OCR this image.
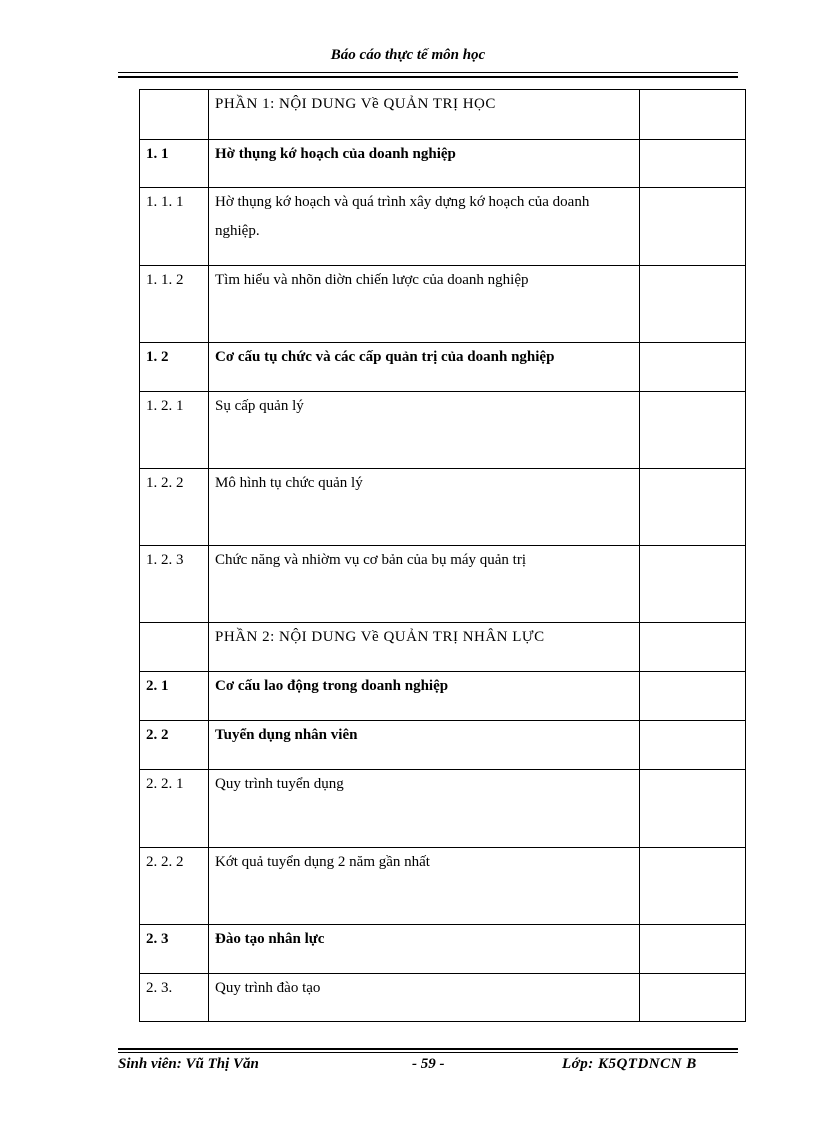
Báo cáo thực tế môn học
	PHẦN 1: NỘI DUNG Về QUẢN TRỊ HỌC	
1. 1	Hờ thụng kớ hoạch của doanh nghiệp	
1. 1. 1	Hờ thụng kớ hoạch và quá trình xây dựng kớ hoạch của doanh nghiệp.	
1. 1. 2	Tìm hiểu và nhõn diờn chiến lược của doanh nghiệp	
1. 2	Cơ cấu tụ chức và các cấp quản trị của doanh nghiệp	
1. 2. 1	Sụ cấp quản lý	
1. 2. 2	Mô hình tụ chức quản lý	
1. 2. 3	Chức năng và nhiờm vụ cơ bản của bụ máy quản trị	
	PHẦN 2: NỘI DUNG Về QUẢN TRỊ NHÂN LỰC	
2. 1	Cơ cấu lao động trong doanh nghiệp	
2. 2	Tuyển dụng nhân viên	
2. 2. 1	Quy trình tuyển dụng	
2. 2. 2	Kớt quả tuyển dụng 2 năm gần nhất	
2. 3	Đào tạo nhân lực	
2. 3.	Quy trình đào tạo	
Sinh viên: Vũ Thị Văn	- 59 -	Lớp: K5QTDNCN B
